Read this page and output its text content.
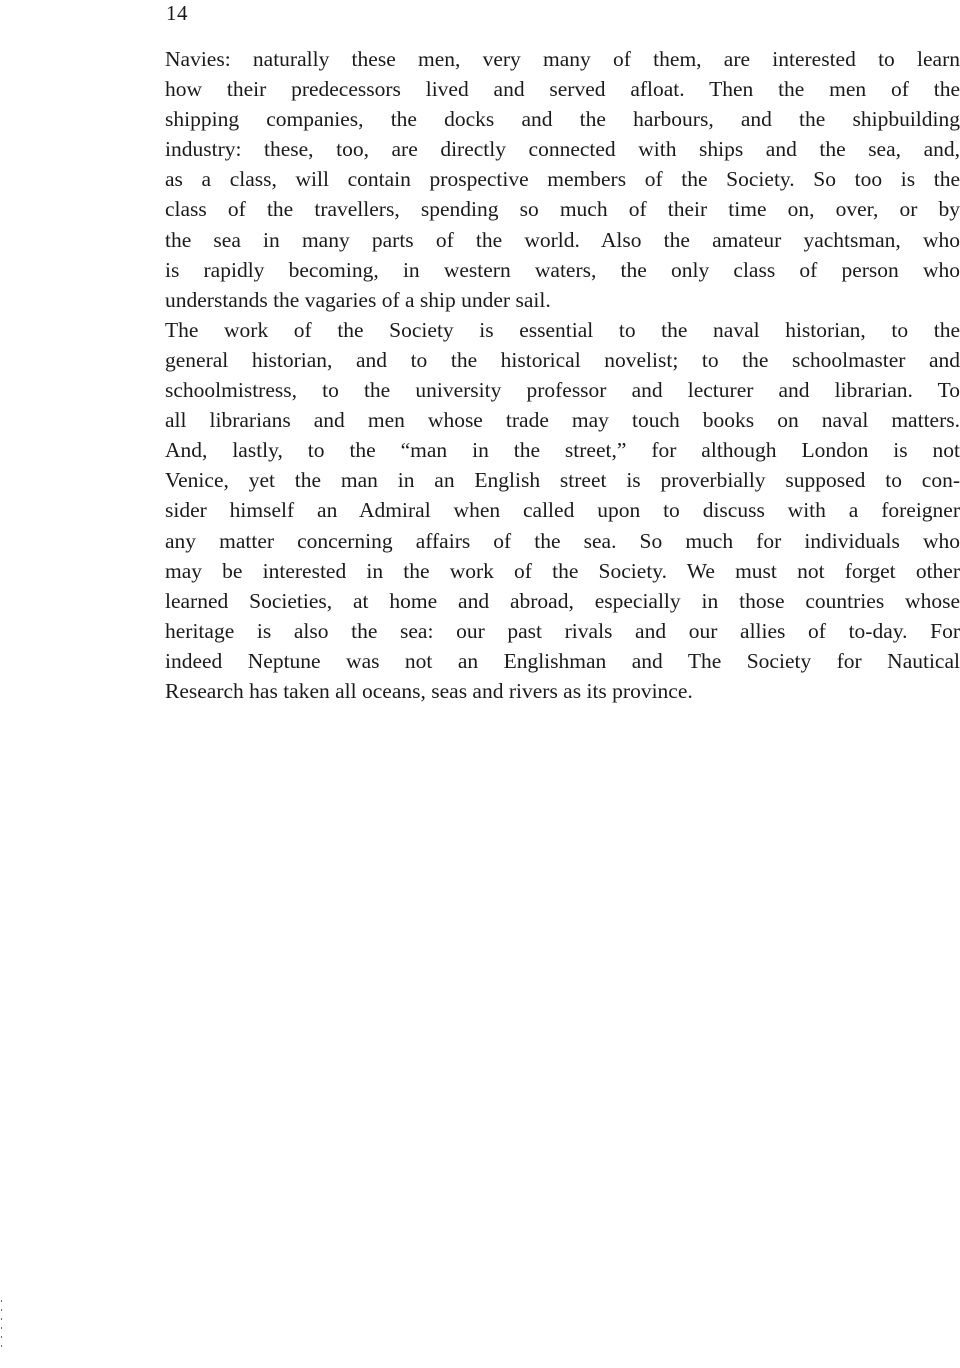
14
Navies: naturally these men, very many of them, are interested to learn
how their predecessors lived and served afloat. Then the men of the
shipping companies, the docks and the harbours, and the shipbuilding
industry: these, too, are directly connected with ships and the sea, and,
as a class, will contain prospective members of the Society. So too is the
class of the travellers, spending so much of their time on, over, or by
the sea in many parts of the world. Also the amateur yachtsman, who
is rapidly becoming, in western waters, the only class of person who
understands the vagaries of a ship under sail.
The work of the Society is essential to the naval historian, to the
general historian, and to the historical novelist; to the schoolmaster and
schoolmistress, to the university professor and lecturer and librarian. To
all librarians and men whose trade may touch books on naval matters.
And, lastly, to the “man in the street,” for although London is not
Venice, yet the man in an English street is proverbially supposed to con-
sider himself an Admiral when called upon to discuss with a foreigner
any matter concerning affairs of the sea. So much for individuals who
may be interested in the work of the Society. We must not forget other
learned Societies, at home and abroad, especially in those countries whose
heritage is also the sea: our past rivals and our allies of to-day. For
indeed Neptune was not an Englishman and The Society for Nautical
Research has taken all oceans, seas and rivers as its province.
